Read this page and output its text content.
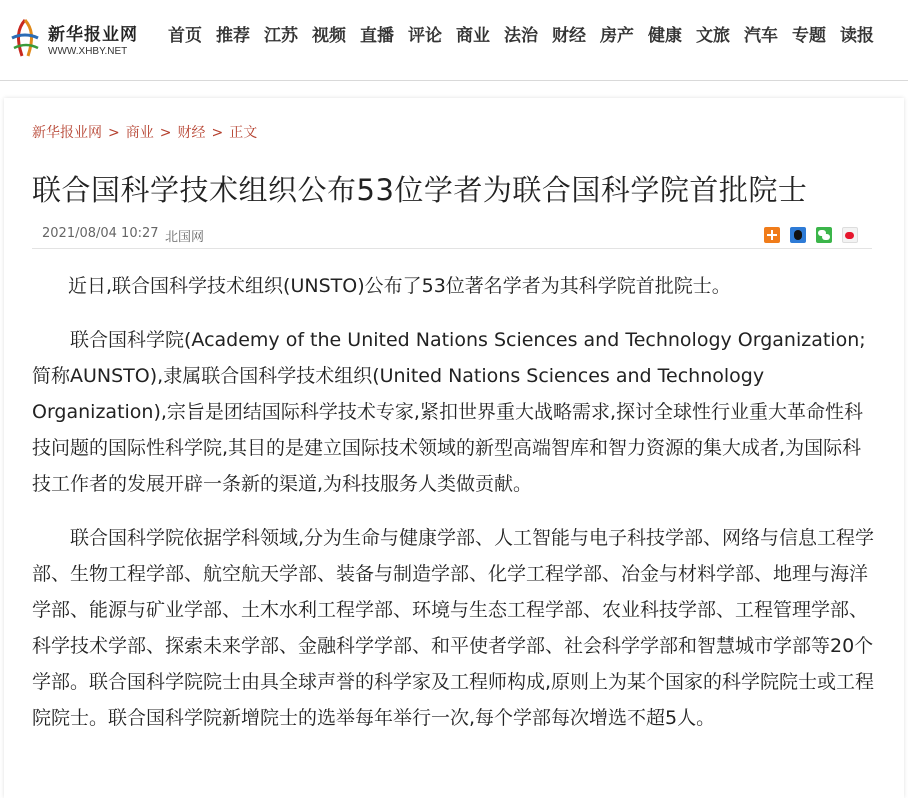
新华报业网
WWW.XHBY.NET
首页 推荐 江苏 视频 直播 评论 商业 法治 财经 房产 健康 文旅 汽车 专题 读报
新华报业网 > 商业 > 财经 > 正文
联合国科学技术组织公布53位学者为联合国科学院首批院士
2021/08/04 10:27 北国网

近日,联合国科学技术组织(UNSTO)公布了53位著名学者为其科学院首批院士。

联合国科学院(Academy of the United Nations Sciences and Technology Organization;简称AUNSTO),隶属联合国科学技术组织(United Nations Sciences and Technology Organization),宗旨是团结国际科学技术专家,紧扣世界重大战略需求,探讨全球性行业重大革命性科技问题的国际性科学院,其目的是建立国际技术领域的新型高端智库和智力资源的集大成者,为国际科技工作者的发展开辟一条新的渠道,为科技服务人类做贡献。

联合国科学院依据学科领域,分为生命与健康学部、人工智能与电子科技学部、网络与信息工程学部、生物工程学部、航空航天学部、装备与制造学部、化学工程学部、冶金与材料学部、地理与海洋学部、能源与矿业学部、土木水利工程学部、环境与生态工程学部、农业科技学部、工程管理学部、科学技术学部、探索未来学部、金融科学学部、和平使者学部、社会科学学部和智慧城市学部等20个学部。联合国科学院院士由具全球声誉的科学家及工程师构成,原则上为某个国家的科学院院士或工程院院士。联合国科学院新增院士的选举每年举行一次,每个学部每次增选不超5人。
